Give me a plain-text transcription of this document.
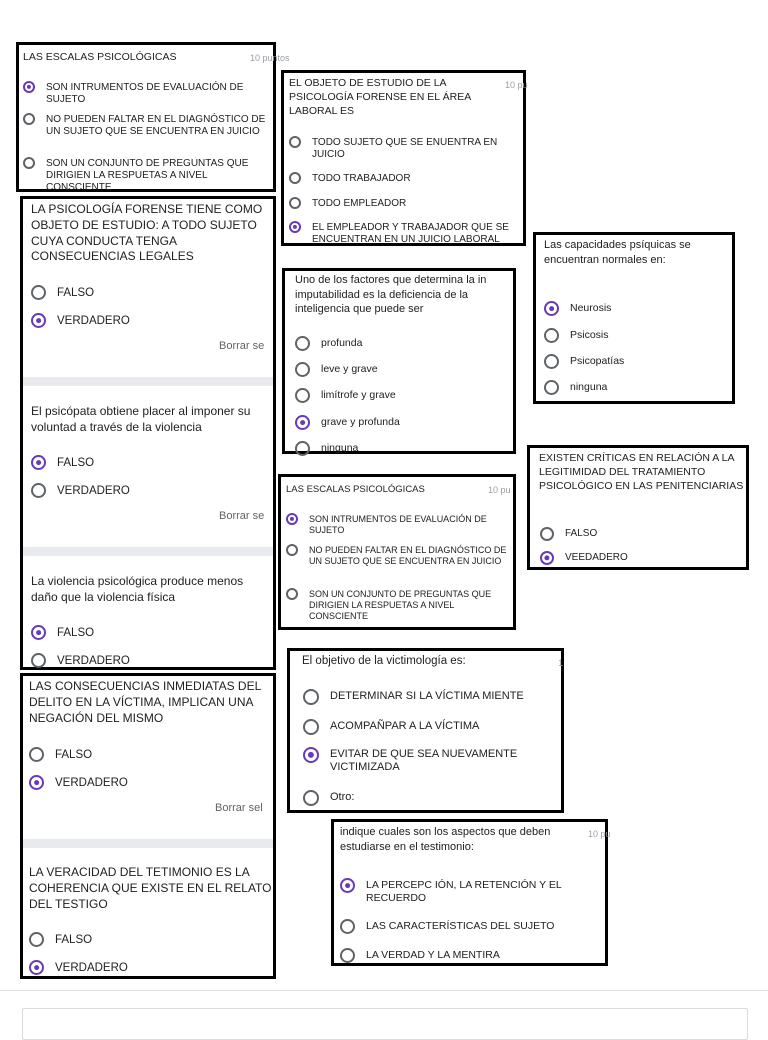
10 puntos

LAS ESCALAS PSICOLÓGICAS

SON INTRUMENTOS DE EVALUACIÓN DE SUJETO
NO PUEDEN FALTAR EN EL DIAGNÓSTICO DE UN SUJETO QUE SE ENCUENTRA EN JUICIO
SON UN CONJUNTO DE PREGUNTAS QUE DIRIGIEN LA RESPUETAS A NIVEL CONSCIENTE
10 pu

EL OBJETO DE ESTUDIO DE LA PSICOLOGÍA FORENSE EN EL ÁREA LABORAL ES

TODO SUJETO QUE SE ENUENTRA EN JUICIO
TODO TRABAJADOR
TODO EMPLEADOR
EL EMPLEADOR Y TRABAJADOR QUE SE ENCUENTRAN EN UN JUICIO LABORAL

LA PSICOLOGÍA FORENSE TIENE COMO OBJETO DE ESTUDIO: A TODO SUJETO CUYA CONDUCTA TENGA CONSECUENCIAS LEGALES

FALSO
VERDADERO
Borrar se

El psicópata obtiene placer al imponer su voluntad a través de la violencia

FALSO
VERDADERO
Borrar se

La violencia psicológica produce menos daño que la violencia física

FALSO
VERDADERO

Las capacidades psíquicas se encuentran normales en:

Neurosis
Psicosis
Psicopatías
ninguna

Uno de los factores que determina la in imputabilidad es la deficiencia de la inteligencia que puede ser

profunda
leve y grave
limítrofe y grave
grave y profunda
ninguna

EXISTEN CRÍTICAS EN RELACIÓN A LA LEGITIMIDAD DEL TRATAMIENTO PSICOLÓGICO EN LAS PENITENCIARIAS

FALSO
VEEDADERO
10 pu

LAS ESCALAS PSICOLÓGICAS

SON INTRUMENTOS DE EVALUACIÓN DE SUJETO
NO PUEDEN FALTAR EN EL DIAGNÓSTICO DE UN SUJETO QUE SE ENCUENTRA EN JUICIO
SON UN CONJUNTO DE PREGUNTAS QUE DIRIGIEN LA RESPUETAS A NIVEL CONSCIENTE

LAS CONSECUENCIAS INMEDIATAS DEL DELITO EN LA VÍCTIMA, IMPLICAN UNA NEGACIÓN DEL MISMO

FALSO
VERDADERO
Borrar sel

LA VERACIDAD DEL TETIMONIO ES LA COHERENCIA QUE EXISTE EN EL RELATO DEL TESTIGO

FALSO
VERDADERO
1

El objetivo de la victimología es:

DETERMINAR SI LA VÍCTIMA MIENTE
ACOMPAÑPAR A LA VÍCTIMA
EVITAR DE QUE SEA NUEVAMENTE VICTIMIZADA
Otro:
10 pu

indique cuales son los aspectos que deben estudiarse en el testimonio:

LA PERCEPC IÓN, LA RETENCIÓN Y EL RECUERDO
LAS CARACTERÍSTICAS DEL SUJETO
LA VERDAD Y LA MENTIRA
